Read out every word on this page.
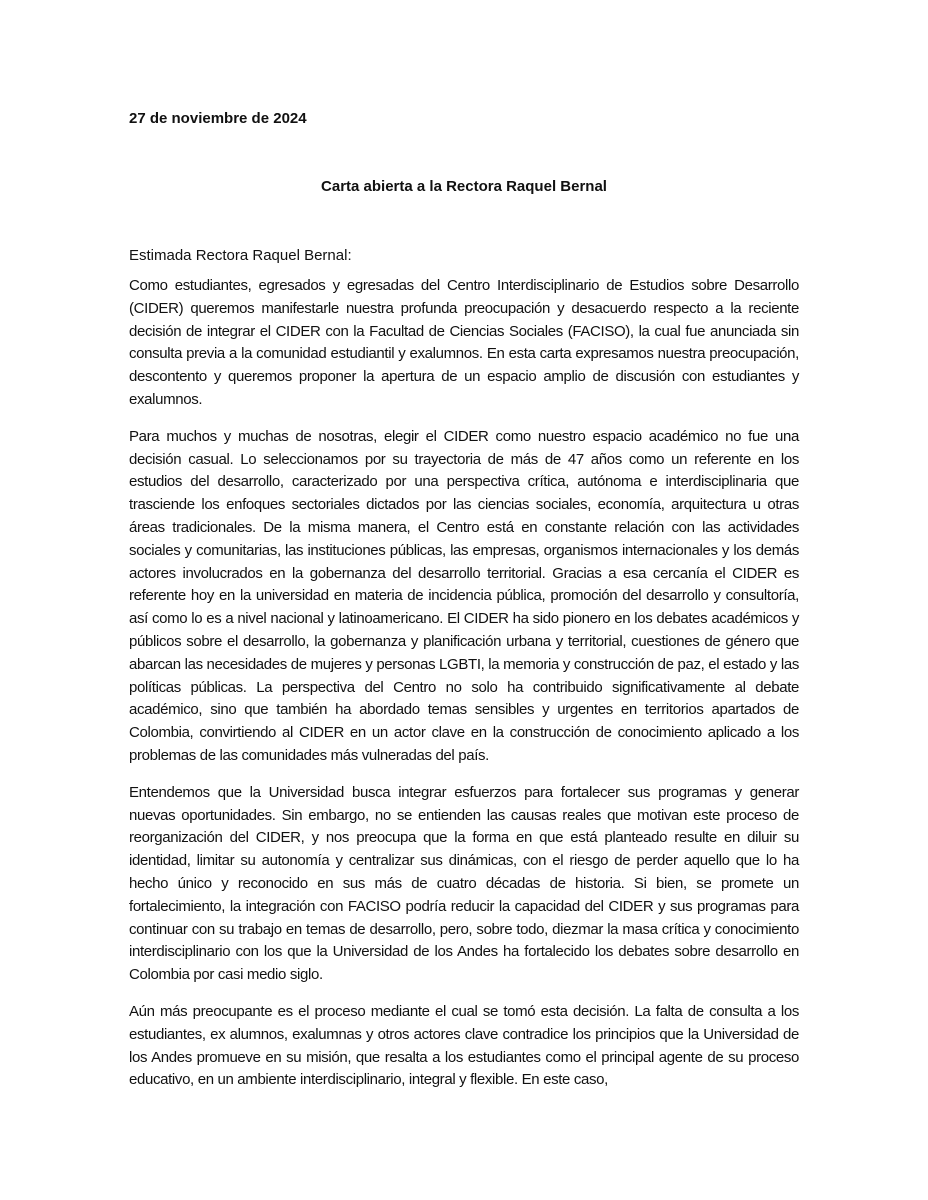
27 de noviembre de 2024

Carta abierta a la Rectora Raquel Bernal

Estimada Rectora Raquel Bernal:

Como estudiantes, egresados y egresadas del Centro Interdisciplinario de Estudios sobre Desarrollo (CIDER) queremos manifestarle nuestra profunda preocupación y desacuerdo respecto a la reciente decisión de integrar el CIDER con la Facultad de Ciencias Sociales (FACISO), la cual fue anunciada sin consulta previa a la comunidad estudiantil y exalumnos. En esta carta expresamos nuestra preocupación, descontento y queremos proponer la apertura de un espacio amplio de discusión con estudiantes y exalumnos.

Para muchos y muchas de nosotras, elegir el CIDER como nuestro espacio académico no fue una decisión casual. Lo seleccionamos por su trayectoria de más de 47 años como un referente en los estudios del desarrollo, caracterizado por una perspectiva crítica, autónoma e interdisciplinaria que trasciende los enfoques sectoriales dictados por las ciencias sociales, economía, arquitectura u otras áreas tradicionales. De la misma manera, el Centro está en constante relación con las actividades sociales y comunitarias, las instituciones públicas, las empresas, organismos internacionales y los demás actores involucrados en la gobernanza del desarrollo territorial. Gracias a esa cercanía el CIDER es referente hoy en la universidad en materia de incidencia pública, promoción del desarrollo y consultoría, así como lo es a nivel nacional y latinoamericano. El CIDER ha sido pionero en los debates académicos y públicos sobre el desarrollo, la gobernanza y planificación urbana y territorial, cuestiones de género que abarcan las necesidades de mujeres y personas LGBTI, la memoria y construcción de paz, el estado y las políticas públicas. La perspectiva del Centro no solo ha contribuido significativamente al debate académico, sino que también ha abordado temas sensibles y urgentes en territorios apartados de Colombia, convirtiendo al CIDER en un actor clave en la construcción de conocimiento aplicado a los problemas de las comunidades más vulneradas del país.

Entendemos que la Universidad busca integrar esfuerzos para fortalecer sus programas y generar nuevas oportunidades. Sin embargo, no se entienden las causas reales que motivan este proceso de reorganización del CIDER, y nos preocupa que la forma en que está planteado resulte en diluir su identidad, limitar su autonomía y centralizar sus dinámicas, con el riesgo de perder aquello que lo ha hecho único y reconocido en sus más de cuatro décadas de historia. Si bien, se promete un fortalecimiento, la integración con FACISO podría reducir la capacidad del CIDER y sus programas para continuar con su trabajo en temas de desarrollo, pero, sobre todo, diezmar la masa crítica y conocimiento interdisciplinario con los que la Universidad de los Andes ha fortalecido los debates sobre desarrollo en Colombia por casi medio siglo.

Aún más preocupante es el proceso mediante el cual se tomó esta decisión. La falta de consulta a los estudiantes, ex alumnos, exalumnas y otros actores clave contradice los principios que la Universidad de los Andes promueve en su misión, que resalta a los estudiantes como el principal agente de su proceso educativo, en un ambiente interdisciplinario, integral y flexible. En este caso,
